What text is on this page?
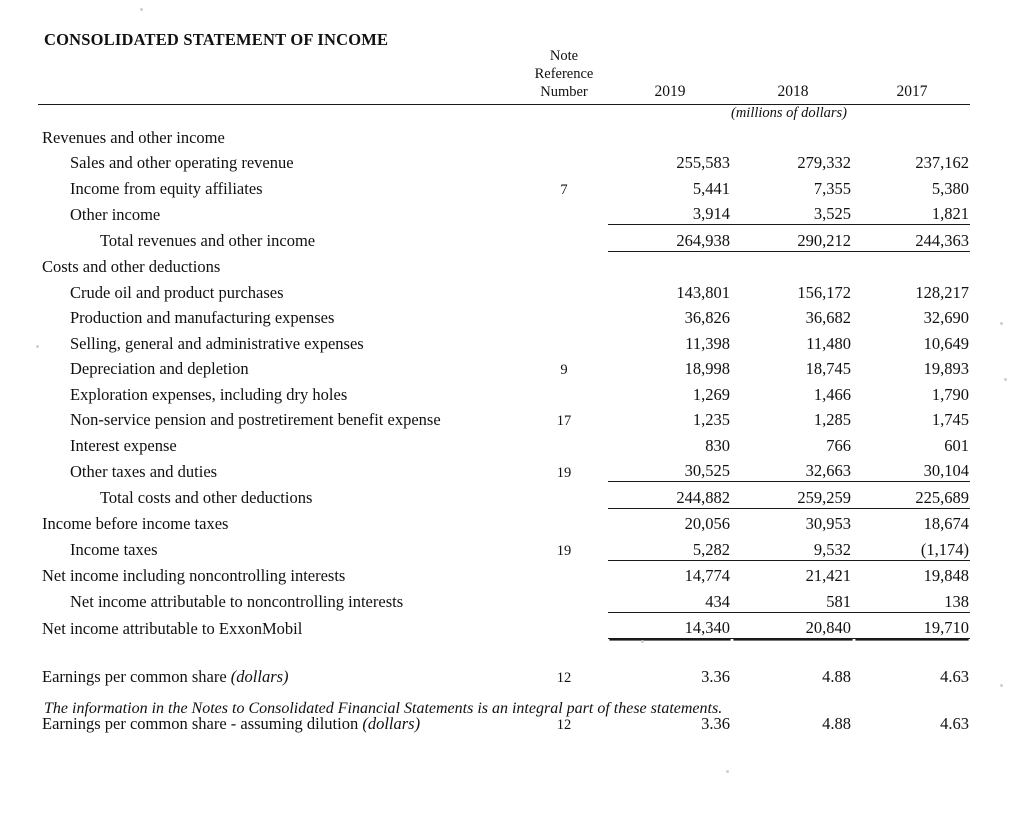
CONSOLIDATED STATEMENT OF INCOME
	Note			
	Reference			
	Number	2019	2018	2017

		(millions of dollars)		
Revenues and other income				
Sales and other operating revenue		255,583	279,332	237,162
Income from equity affiliates	7	5,441	7,355	5,380
Other income		3,914	3,525	1,821
Total revenues and other income		264,938	290,212	244,363
Costs and other deductions				
Crude oil and product purchases		143,801	156,172	128,217
Production and manufacturing expenses		36,826	36,682	32,690
Selling, general and administrative expenses		11,398	11,480	10,649
Depreciation and depletion	9	18,998	18,745	19,893
Exploration expenses, including dry holes		1,269	1,466	1,790
Non-service pension and postretirement benefit expense	17	1,235	1,285	1,745
Interest expense		830	766	601
Other taxes and duties	19	30,525	32,663	30,104
Total costs and other deductions		244,882	259,259	225,689
Income before income taxes		20,056	30,953	18,674
Income taxes	19	5,282	9,532	(1,174)
Net income including noncontrolling interests		14,774	21,421	19,848
Net income attributable to noncontrolling interests		434	581	138
Net income attributable to ExxonMobil		14,340	20,840	19,710

Earnings per common share (dollars)	12	3.36	4.88	4.63

Earnings per common share - assuming dilution (dollars)	12	3.36	4.88	4.63
The information in the Notes to Consolidated Financial Statements is an integral part of these statements.
